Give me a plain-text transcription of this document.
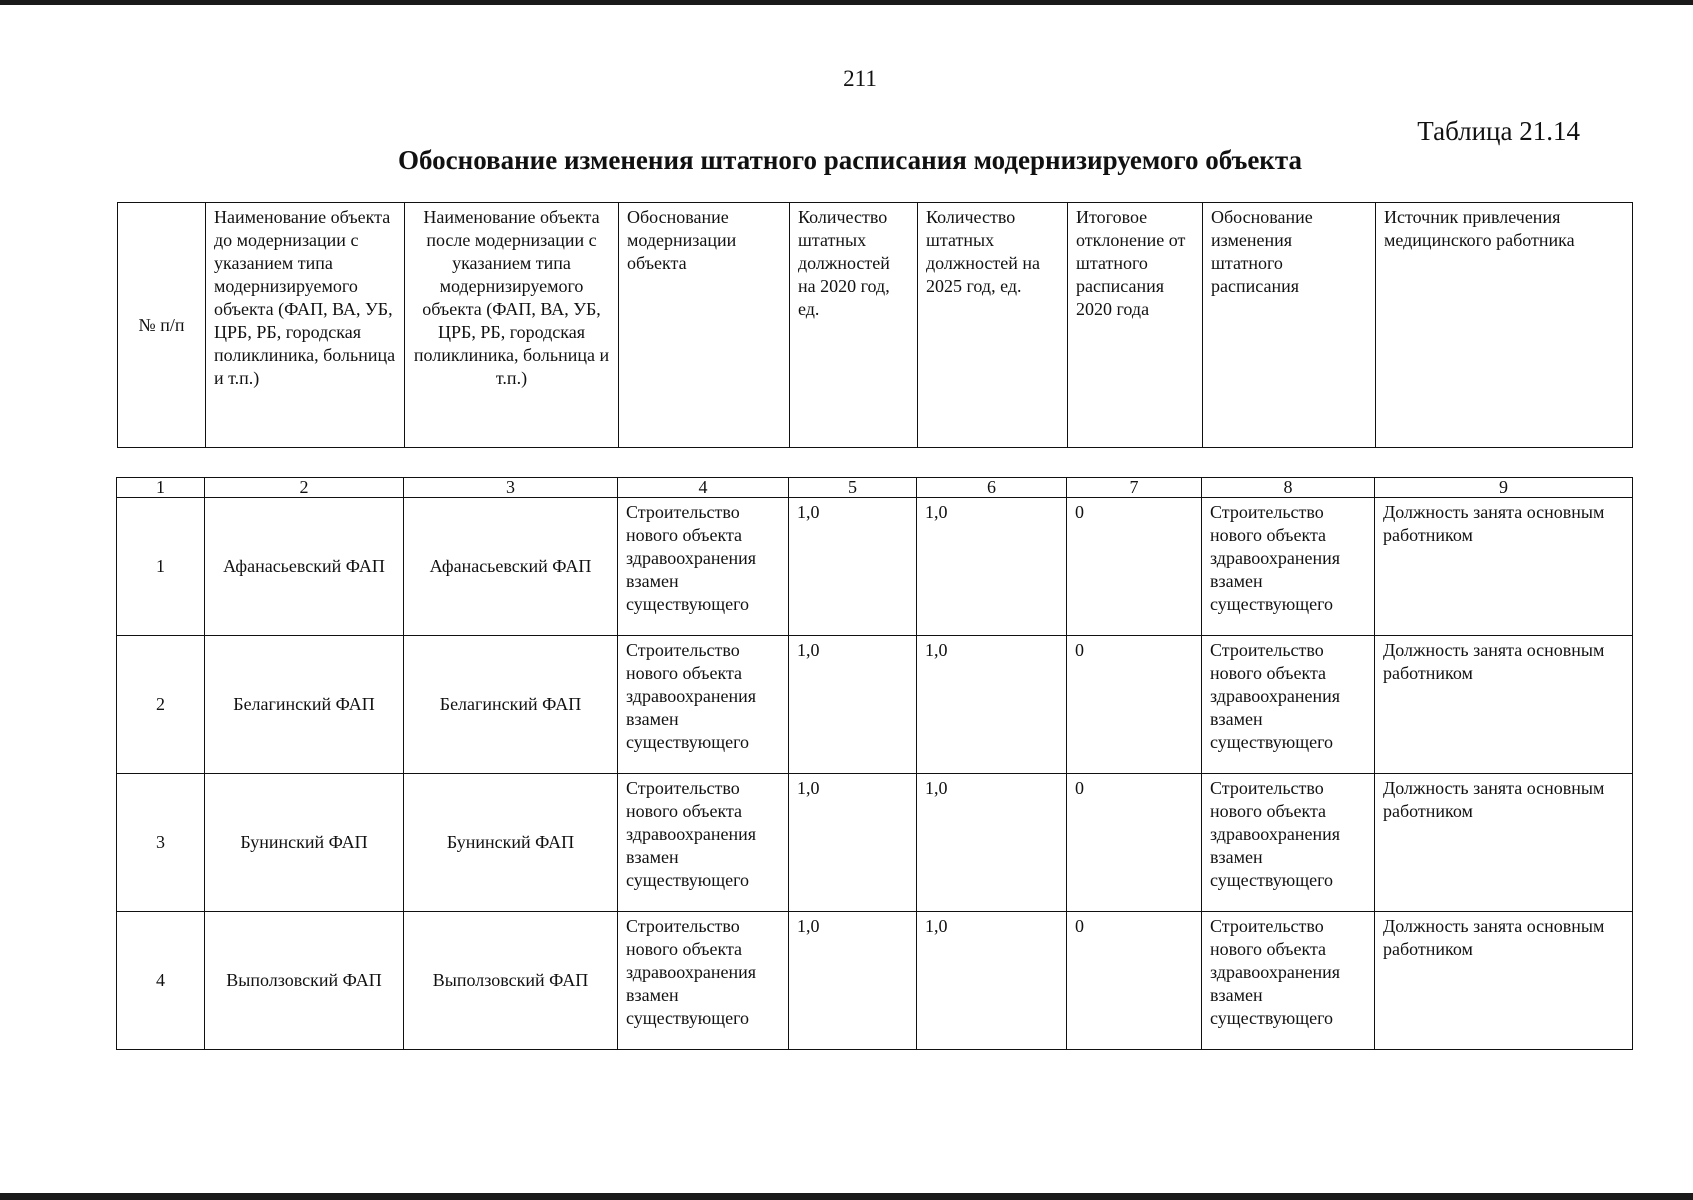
211
Таблица 21.14
Обоснование изменения штатного расписания модернизируемого объекта
№ п/п	Наименование объекта до модернизации с указанием типа модернизируемого объекта (ФАП, ВА, УБ, ЦРБ, РБ, городская поликлиника, больница и т.п.)	Наименование объекта после модернизации с указанием типа модернизируемого объекта (ФАП, ВА, УБ, ЦРБ, РБ, городская поликлиника, больница и т.п.)	Обоснование модернизации объекта	Количество штатных должностей на 2020 год, ед.	Количество штатных должностей на 2025 год, ед.	Итоговое отклонение от штатного расписания 2020 года	Обоснование изменения штатного расписания	Источник привлечения медицинского работника
1	2	3	4	5	6	7	8	9
1	Афанасьевский ФАП	Афанасьевский ФАП	Строительство нового объекта здравоохранения взамен существующего	1,0	1,0	0	Строительство нового объекта здравоохранения взамен существующего	Должность занята основным работником
2	Белагинский ФАП	Белагинский ФАП	Строительство нового объекта здравоохранения взамен существующего	1,0	1,0	0	Строительство нового объекта здравоохранения взамен существующего	Должность занята основным работником
3	Бунинский ФАП	Бунинский ФАП	Строительство нового объекта здравоохранения взамен существующего	1,0	1,0	0	Строительство нового объекта здравоохранения взамен существующего	Должность занята основным работником
4	Выползовский ФАП	Выползовский ФАП	Строительство нового объекта здравоохранения взамен существующего	1,0	1,0	0	Строительство нового объекта здравоохранения взамен существующего	Должность занята основным работником
